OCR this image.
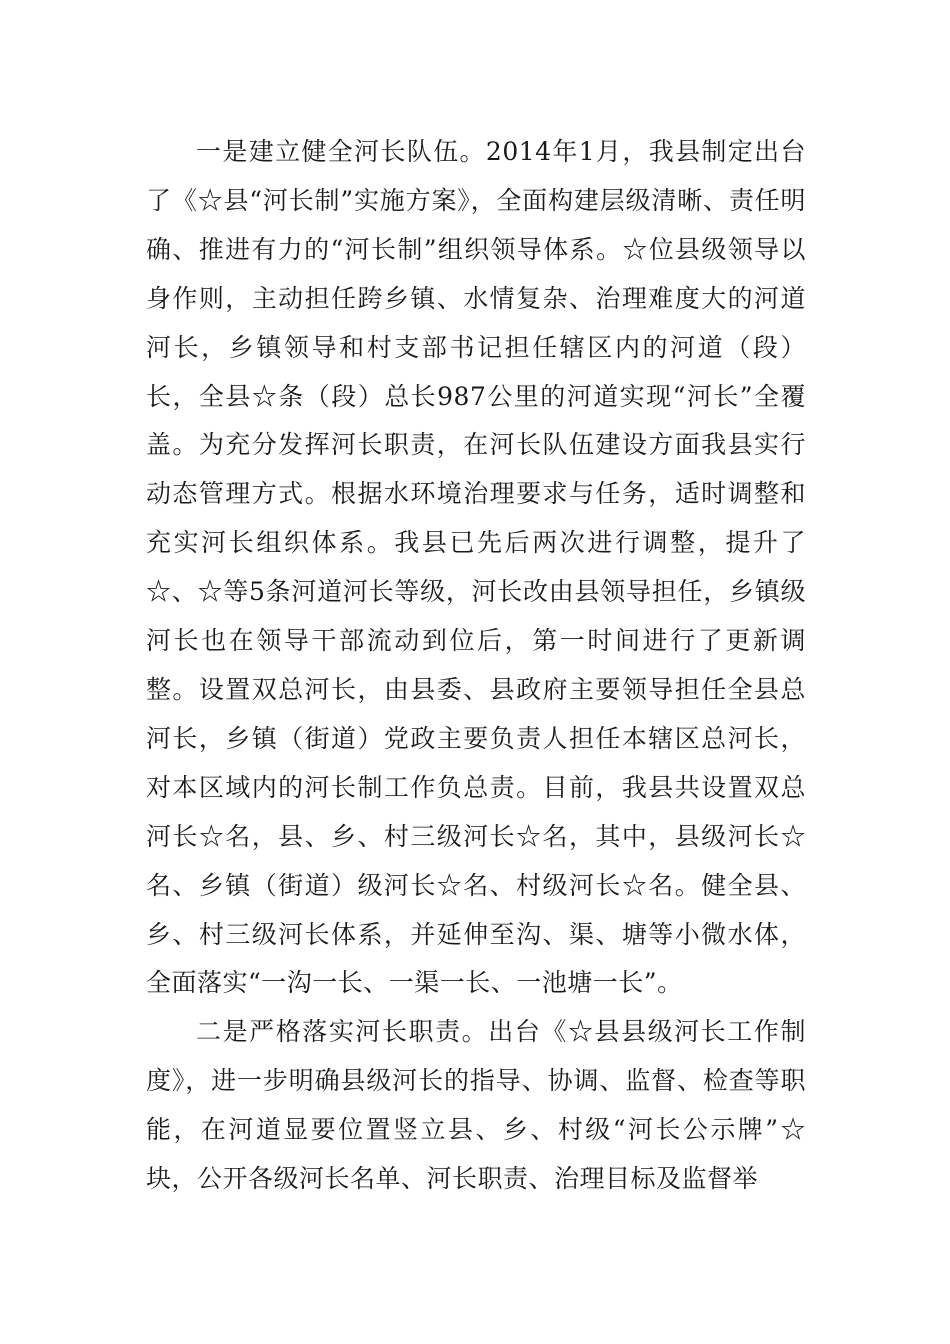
一是建立健全河长队伍。2014年1月，我县制定出台了《☆县“河长制”实施方案》，全面构建层级清晰、责任明确、推进有力的“河长制”组织领导体系。☆位县级领导以身作则，主动担任跨乡镇、水情复杂、治理难度大的河道河长，乡镇领导和村支部书记担任辖区内的河道（段）长，全县☆条（段）总长987公里的河道实现“河长”全覆盖。为充分发挥河长职责，在河长队伍建设方面我县实行动态管理方式。根据水环境治理要求与任务，适时调整和充实河长组织体系。我县已先后两次进行调整，提升了☆、☆等5条河道河长等级，河长改由县领导担任，乡镇级河长也在领导干部流动到位后，第一时间进行了更新调整。设置双总河长，由县委、县政府主要领导担任全县总河长，乡镇（街道）党政主要负责人担任本辖区总河长，对本区域内的河长制工作负总责。目前，我县共设置双总河长☆名，县、乡、村三级河长☆名，其中，县级河长☆名、乡镇（街道）级河长☆名、村级河长☆名。健全县、乡、村三级河长体系，并延伸至沟、渠、塘等小微水体，全面落实“一沟一长、一渠一长、一池塘一长”。

二是严格落实河长职责。出台《☆县县级河长工作制度》，进一步明确县级河长的指导、协调、监督、检查等职能，在河道显要位置竖立县、乡、村级“河长公示牌”☆块，公开各级河长名单、河长职责、治理目标及监督举
